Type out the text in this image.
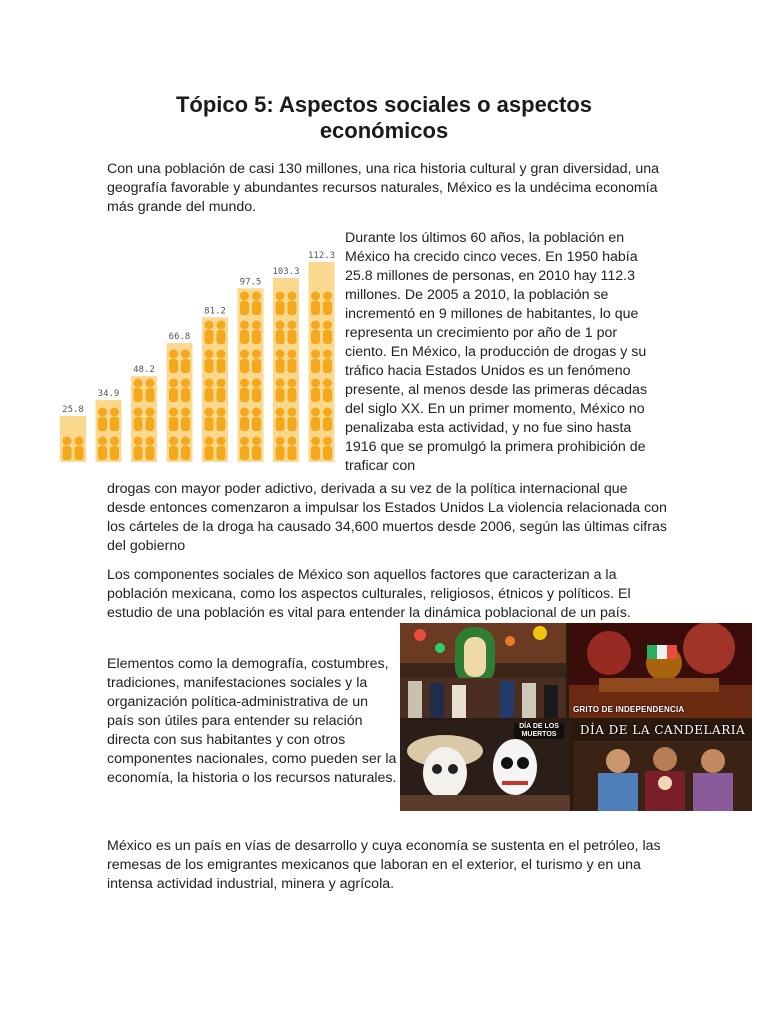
Tópico 5: Aspectos sociales o aspectos económicos

Con una población de casi 130 millones, una rica historia cultural y gran diversidad, una geografía favorable y abundantes recursos naturales, México es la undécima economía más grande del mundo.

25.8
34.9
48.2
66.8
81.2
97.5
103.3
112.3

Durante los últimos 60 años, la población en México ha crecido cinco veces. En 1950 había 25.8 millones de personas, en 2010 hay 112.3 millones. De 2005 a 2010, la población se incrementó en 9 millones de habitantes, lo que representa un crecimiento por año de 1 por ciento. En México, la producción de drogas y su tráfico hacia Estados Unidos es un fenómeno presente, al menos desde las primeras décadas del siglo XX. En un primer momento, México no penalizaba esta actividad, y no fue sino hasta 1916 que se promulgó la primera prohibición de traficar con

drogas con mayor poder adictivo, derivada a su vez de la política internacional que desde entonces comenzaron a impulsar los Estados Unidos La violencia relacionada con los cárteles de la droga ha causado 34,600 muertos desde 2006, según las últimas cifras del gobierno

Los componentes sociales de México son aquellos factores que caracterizan a la población mexicana, como los aspectos culturales, religiosos, étnicos y políticos. El estudio de una población es vital para entender la dinámica poblacional de un país.

Elementos como la demografía, costumbres, tradiciones, manifestaciones sociales y la organización política-administrativa de un país son útiles para entender su relación directa con sus habitantes y con otros componentes nacionales, como pueden ser la economía, la historia o los recursos naturales.

GRITO DE INDEPENDENCIA
DÍA DE LOS MUERTOS	DÍA DE LA CANDELARIA

México es un país en vías de desarrollo y cuya economía se sustenta en el petróleo, las remesas de los emigrantes mexicanos que laboran en el exterior, el turismo y en una intensa actividad industrial, minera y agrícola.
